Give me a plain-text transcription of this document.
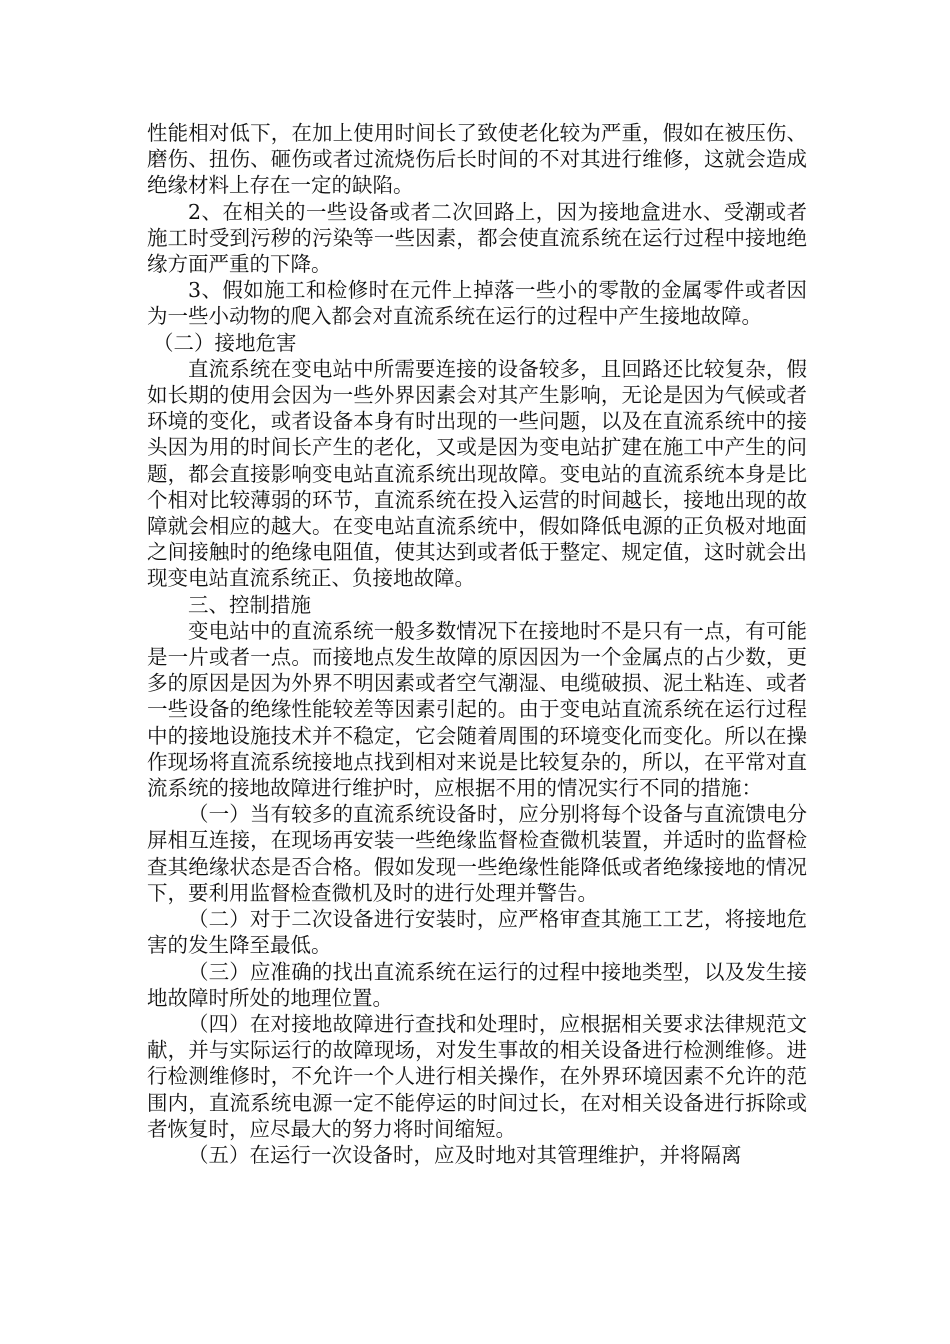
性能相对低下，在加上使用时间长了致使老化较为严重，假如在被压伤、磨伤、扭伤、砸伤或者过流烧伤后长时间的不对其进行维修，这就会造成绝缘材料上存在一定的缺陷。

2、在相关的一些设备或者二次回路上，因为接地盒进水、受潮或者施工时受到污秽的污染等一些因素，都会使直流系统在运行过程中接地绝缘方面严重的下降。

3、假如施工和检修时在元件上掉落一些小的零散的金属零件或者因为一些小动物的爬入都会对直流系统在运行的过程中产生接地故障。

（二）接地危害

直流系统在变电站中所需要连接的设备较多，且回路还比较复杂，假如长期的使用会因为一些外界因素会对其产生影响，无论是因为气候或者环境的变化，或者设备本身有时出现的一些问题，以及在直流系统中的接头因为用的时间长产生的老化，又或是因为变电站扩建在施工中产生的问题，都会直接影响变电站直流系统出现故障。变电站的直流系统本身是比个相对比较薄弱的环节，直流系统在投入运营的时间越长，接地出现的故障就会相应的越大。在变电站直流系统中，假如降低电源的正负极对地面之间接触时的绝缘电阻值，使其达到或者低于整定、规定值，这时就会出现变电站直流系统正、负接地故障。

三、控制措施

变电站中的直流系统一般多数情况下在接地时不是只有一点，有可能是一片或者一点。而接地点发生故障的原因因为一个金属点的占少数，更多的原因是因为外界不明因素或者空气潮湿、电缆破损、泥土粘连、或者一些设备的绝缘性能较差等因素引起的。由于变电站直流系统在运行过程中的接地设施技术并不稳定，它会随着周围的环境变化而变化。所以在操作现场将直流系统接地点找到相对来说是比较复杂的，所以，在平常对直流系统的接地故障进行维护时，应根据不用的情况实行不同的措施：

（一）当有较多的直流系统设备时，应分别将每个设备与直流馈电分屏相互连接，在现场再安装一些绝缘监督检查微机装置，并适时的监督检查其绝缘状态是否合格。假如发现一些绝缘性能降低或者绝缘接地的情况下，要利用监督检查微机及时的进行处理并警告。

（二）对于二次设备进行安装时，应严格审查其施工工艺，将接地危害的发生降至最低。

（三）应准确的找出直流系统在运行的过程中接地类型，以及发生接地故障时所处的地理位置。

（四）在对接地故障进行查找和处理时，应根据相关要求法律规范文献，并与实际运行的故障现场，对发生事故的相关设备进行检测维修。进行检测维修时，不允许一个人进行相关操作，在外界环境因素不允许的范围内，直流系统电源一定不能停运的时间过长，在对相关设备进行拆除或者恢复时，应尽最大的努力将时间缩短。

（五）在运行一次设备时，应及时地对其管理维护，并将隔离
